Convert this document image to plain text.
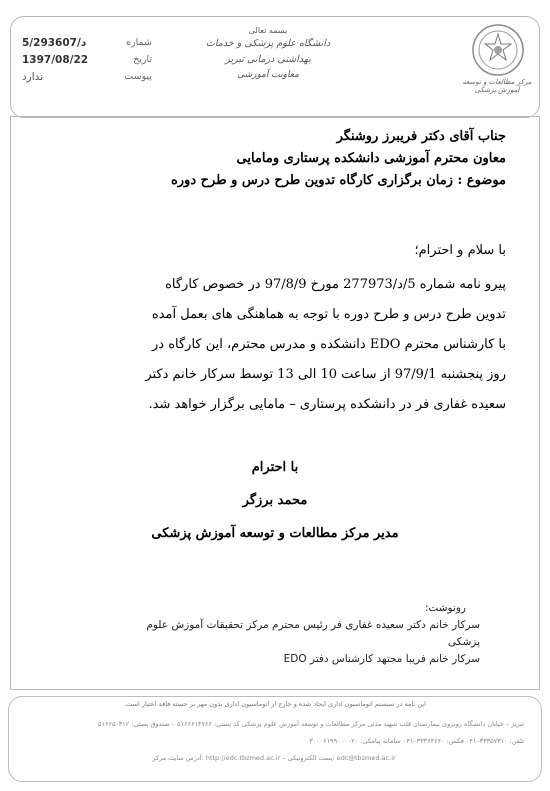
5/293607/د	شماره
1397/08/22	تاریخ
ندارد	پیوست
بسمه تعالی
دانشگاه علوم پزشکی و خدمات بهداشتی درمانی تبریز
معاونت آموزشی
مرکز مطالعات و توسعه آموزش پزشکی
جناب آقای دکتر فریبرز روشنگر
معاون محترم آموزشی دانشکده پرستاری ومامایی
موضوع : زمان برگزاری کارگاه تدوین طرح درس و طرح دوره
با سلام و احترام؛
پیرو نامه شماره 5/د/277973 مورخ 97/8/9 در خصوص کارگاه
تدوین طرح درس و طرح دوره با توجه به هماهنگی های بعمل آمده
با کارشناس محترم EDO دانشکده و مدرس محترم، این کارگاه در
روز پنجشنبه 97/9/1 از ساعت 10 الی 13 توسط سرکار خانم دکتر
سعیده غفاری فر در دانشکده پرستاری – مامایی برگزار خواهد شد.
با احترام
محمد برزگر
مدیر مرکز مطالعات و توسعه آموزش پزشکی
رونوشت:
سرکار خانم دکتر سعیده غفاری فر رئیس محترم مرکز تحقیقات آموزش علوم
پزشکی
سرکار خانم فریبا مجتهد کارشناس دفتر EDO
این نامه در سیستم اتوماسیون اداری ایجاد شده و خارج از اتوماسیون اداری بدون مهر بر جسته فاقد اعتبار است.
تبریز – خیابان دانشگاه روبروی بیمارستان قلب شهید مدنی مرکز مطالعات و توسعه آموزش علوم پزشکی کد پستی: ۵۱۶۶۶۱۴۷۶۶ – صندوق پستی: ۳۱۲–۵۱۶۶۵
تلفن: ۳۳۳۵۷۳۱۰–۰۴۱ فکس: ۳۳۳۶۴۶۶۰–۰۴۱ سامانه پیامکی: ۳۰۰۰۶۱۹۹۰۰۰۰۲۰
آدرس سایت مرکز: http://edc.tbzmed.ac.ir – پست الکترونیکی: edc@tbzmed.ac.ir
